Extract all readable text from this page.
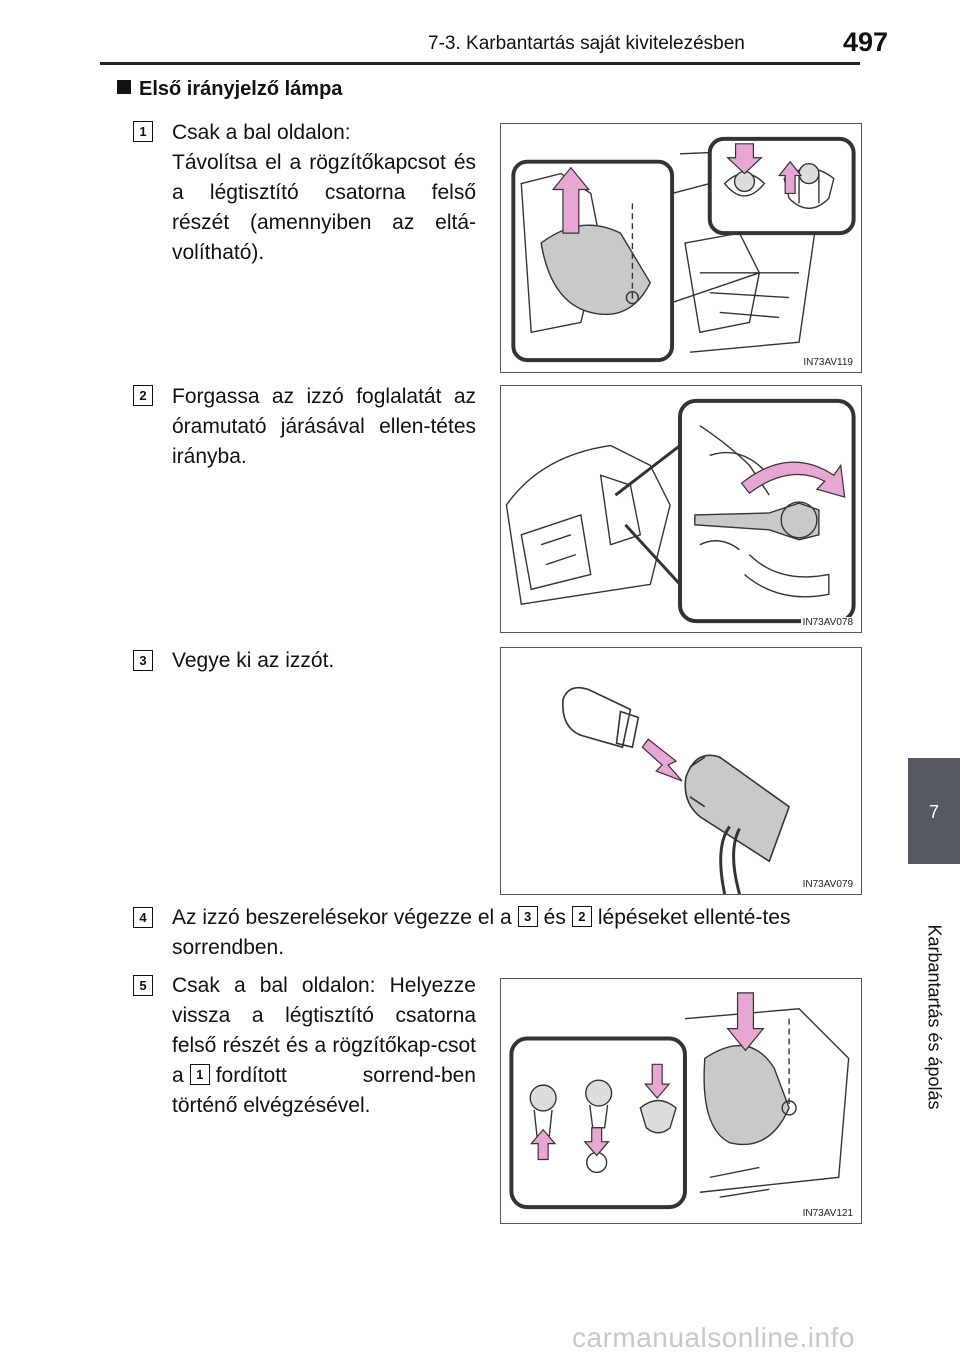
7-3. Karbantartás saját kivitelezésben	497
7
Karbantartás és ápolás
Első irányjelző lámpa
1	Csak a bal oldalon:
Távolítsa el a rögzítőkapcsot és a légtisztító csatorna felső részét (amennyiben az eltá-volítható).
IN73AV119
2	Forgassa az izzó foglalatát az óramutató járásával ellen-tétes irányba.
IN73AV078
3	Vegye ki az izzót.
IN73AV079
4	Az izzó beszerelésekor végezze el a 3 és 2 lépéseket ellenté-tes sorrendben.
5	Csak a bal oldalon: Helyezze vissza a légtisztító csatorna felső részét és a rögzítőkap-csot a 1 fordított sorrend-ben történő elvégzésével.
IN73AV121
carmanualsonline.info
